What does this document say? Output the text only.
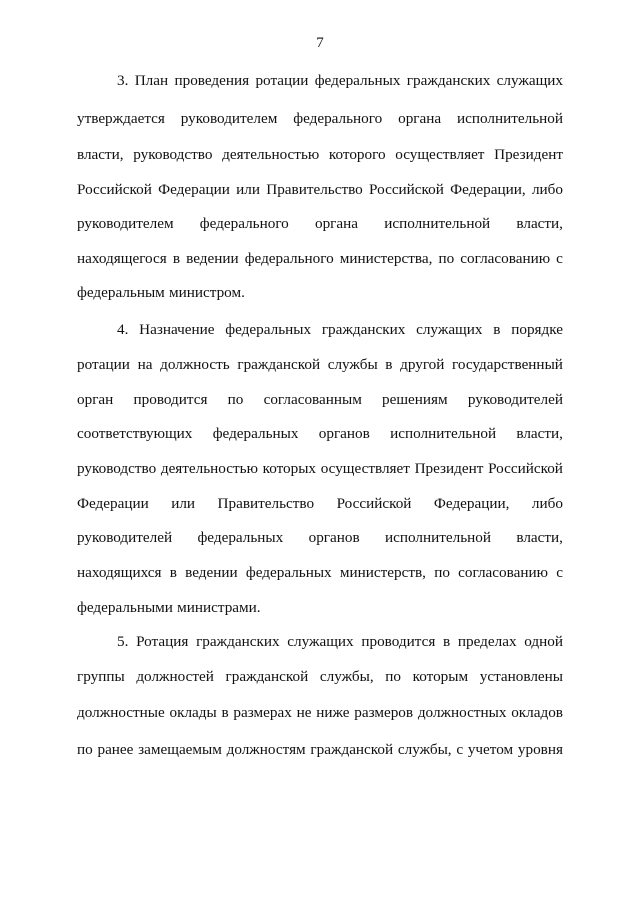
7
3. План проведения ротации федеральных гражданских служащих
утверждается руководителем федерального органа исполнительной
власти, руководство деятельностью которого осуществляет Президент
Российской Федерации или Правительство Российской Федерации, либо
руководителем федерального органа исполнительной власти,
находящегося в ведении федерального министерства, по согласованию с
федеральным министром.
4. Назначение федеральных гражданских служащих в порядке
ротации на должность гражданской службы в другой государственный
орган проводится по согласованным решениям руководителей
соответствующих федеральных органов исполнительной власти,
руководство деятельностью которых осуществляет Президент Российской
Федерации или Правительство Российской Федерации, либо
руководителей федеральных органов исполнительной власти,
находящихся в ведении федеральных министерств, по согласованию с
федеральными министрами.
5. Ротация гражданских служащих проводится в пределах одной
группы должностей гражданской службы, по которым установлены
должностные оклады в размерах не ниже размеров должностных окладов
по ранее замещаемым должностям гражданской службы, с учетом уровня
